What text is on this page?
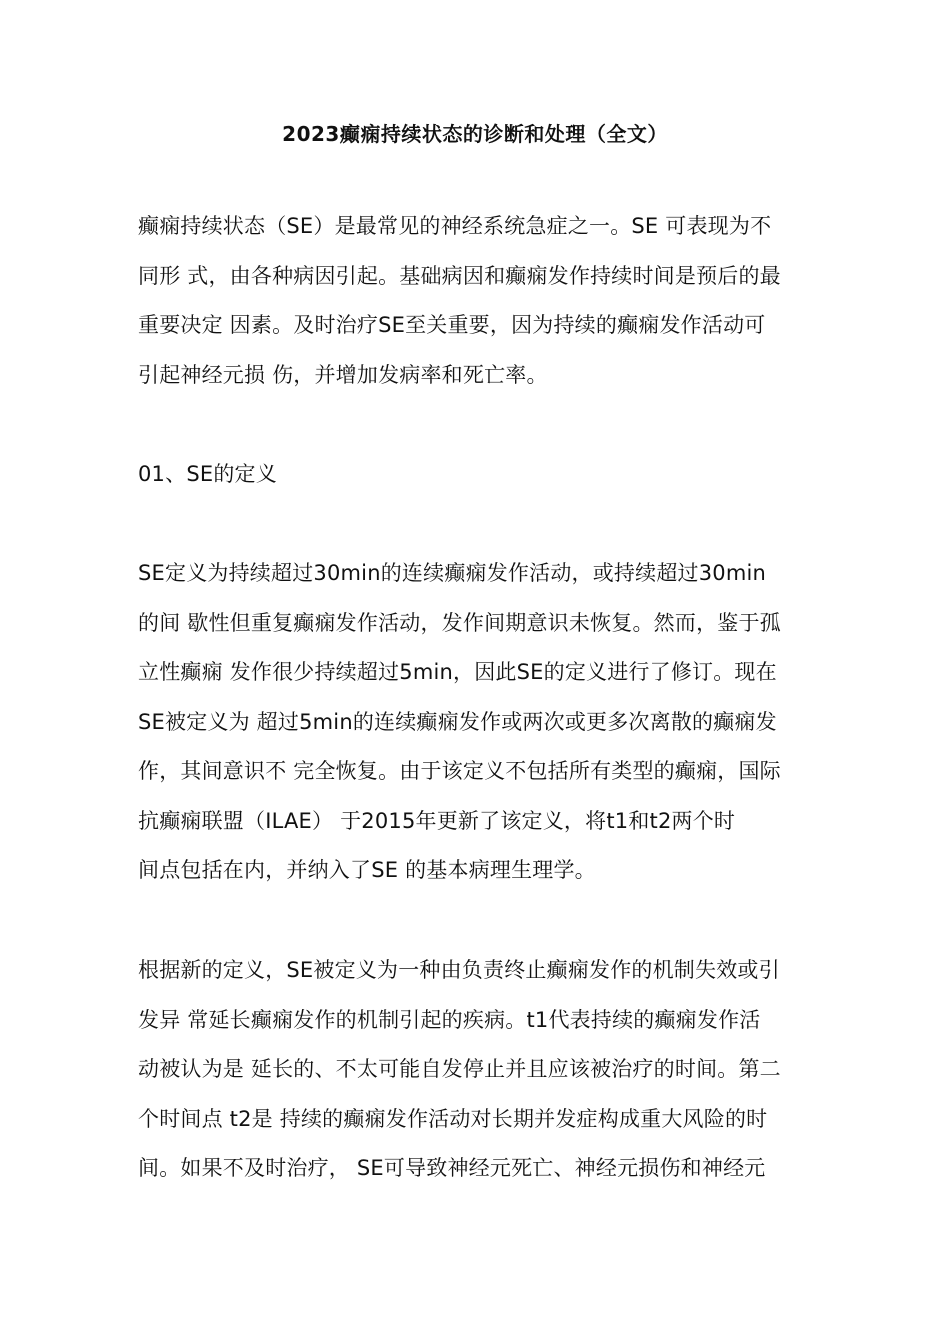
2023癫痫持续状态的诊断和处理（全文）
癫痫持续状态（SE）是最常见的神经系统急症之一。SE 可表现为不
同形 式，由各种病因引起。基础病因和癫痫发作持续时间是预后的最
重要决定 因素。及时治疗SE至关重要，因为持续的癫痫发作活动可
引起神经元损 伤，并增加发病率和死亡率。
01、SE的定义
SE定义为持续超过30min的连续癫痫发作活动，或持续超过30min
的间 歇性但重复癫痫发作活动，发作间期意识未恢复。然而，鉴于孤
立性癫痫 发作很少持续超过5min，因此SE的定义进行了修订。现在
SE被定义为 超过5min的连续癫痫发作或两次或更多次离散的癫痫发
作，其间意识不 完全恢复。由于该定义不包括所有类型的癫痫，国际
抗癫痫联盟（ILAE） 于2015年更新了该定义，将t1和t2两个时
间点包括在内，并纳入了SE 的基本病理生理学。
根据新的定义，SE被定义为一种由负责终止癫痫发作的机制失效或引
发异 常延长癫痫发作的机制引起的疾病。t1代表持续的癫痫发作活
动被认为是 延长的、不太可能自发停止并且应该被治疗的时间。第二
个时间点 t2是 持续的癫痫发作活动对长期并发症构成重大风险的时
间。如果不及时治疗， SE可导致神经元死亡、神经元损伤和神经元
